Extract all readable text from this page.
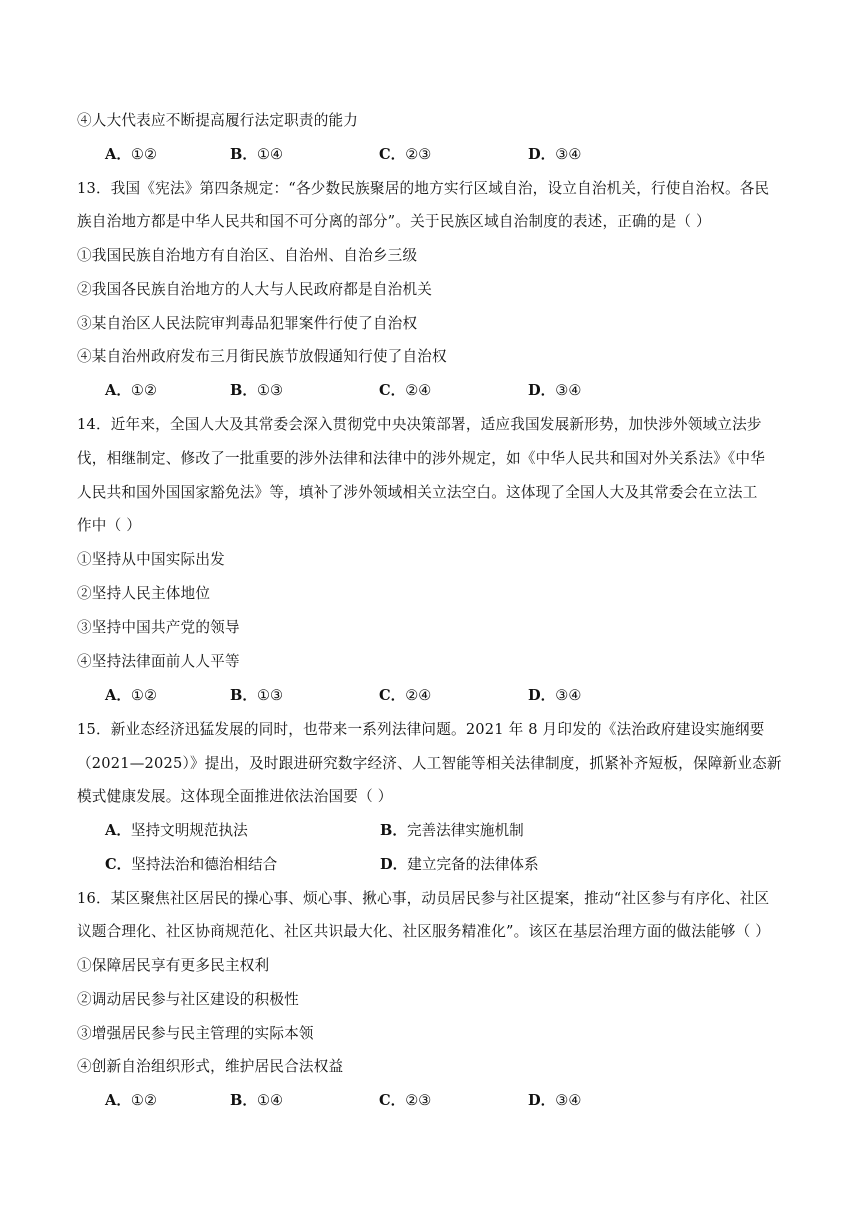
④人大代表应不断提高履行法定职责的能力
A．①②	B．①④	C．②③	D．③④
13．我国《宪法》第四条规定：“各少数民族聚居的地方实行区域自治，设立自治机关，行使自治权。各民
族自治地方都是中华人民共和国不可分离的部分”。关于民族区域自治制度的表述，正确的是（ ）
①我国民族自治地方有自治区、自治州、自治乡三级
②我国各民族自治地方的人大与人民政府都是自治机关
③某自治区人民法院审判毒品犯罪案件行使了自治权
④某自治州政府发布三月街民族节放假通知行使了自治权
A．①②	B．①③	C．②④	D．③④
14．近年来，全国人大及其常委会深入贯彻党中央决策部署，适应我国发展新形势，加快涉外领域立法步
伐，相继制定、修改了一批重要的涉外法律和法律中的涉外规定，如《中华人民共和国对外关系法》《中华
人民共和国外国国家豁免法》等，填补了涉外领域相关立法空白。这体现了全国人大及其常委会在立法工
作中（ ）
①坚持从中国实际出发
②坚持人民主体地位
③坚持中国共产党的领导
④坚持法律面前人人平等
A．①②	B．①③	C．②④	D．③④
15．新业态经济迅猛发展的同时，也带来一系列法律问题。2021 年 8 月印发的《法治政府建设实施纲要
（2021—2025）》提出，及时跟进研究数字经济、人工智能等相关法律制度，抓紧补齐短板，保障新业态新
模式健康发展。这体现全面推进依法治国要（ ）
A．坚持文明规范执法	B．完善法律实施机制
C．坚持法治和德治相结合	D．建立完备的法律体系
16．某区聚焦社区居民的操心事、烦心事、揪心事，动员居民参与社区提案，推动“社区参与有序化、社区
议题合理化、社区协商规范化、社区共识最大化、社区服务精准化”。该区在基层治理方面的做法能够（ ）
①保障居民享有更多民主权利
②调动居民参与社区建设的积极性
③增强居民参与民主管理的实际本领
④创新自治组织形式，维护居民合法权益
A．①②	B．①④	C．②③	D．③④
